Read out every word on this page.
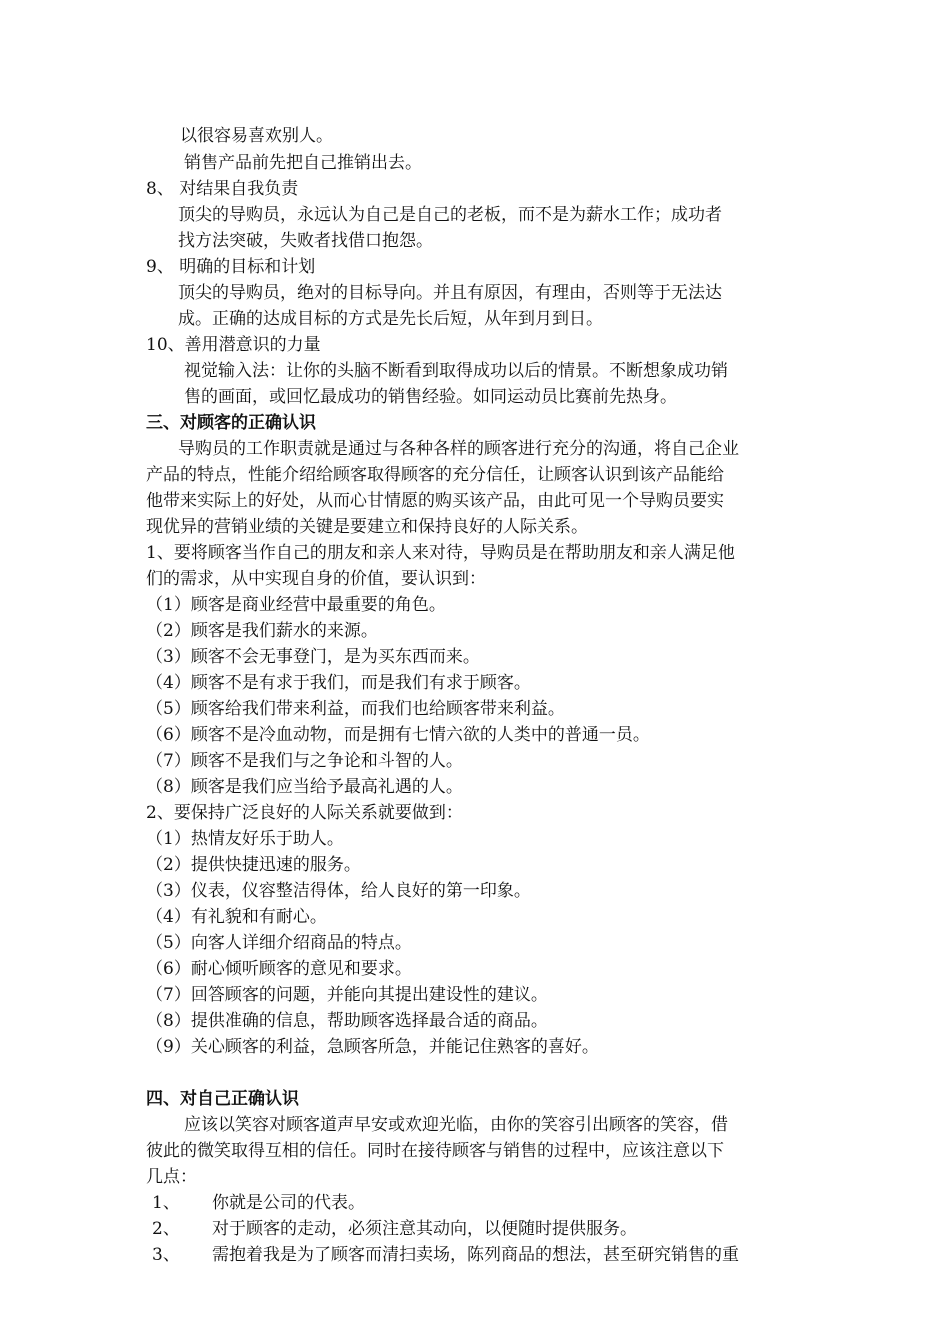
以很容易喜欢别人。
销售产品前先把自己推销出去。
8、 对结果自我负责
顶尖的导购员，永远认为自己是自己的老板，而不是为薪水工作；成功者
找方法突破，失败者找借口抱怨。
9、 明确的目标和计划
顶尖的导购员，绝对的目标导向。并且有原因，有理由，否则等于无法达
成。正确的达成目标的方式是先长后短，从年到月到日。
10、善用潜意识的力量
视觉输入法：让你的头脑不断看到取得成功以后的情景。不断想象成功销
售的画面，或回忆最成功的销售经验。如同运动员比赛前先热身。
三、对顾客的正确认识
导购员的工作职责就是通过与各种各样的顾客进行充分的沟通，将自己企业
产品的特点，性能介绍给顾客取得顾客的充分信任，让顾客认识到该产品能给
他带来实际上的好处，从而心甘情愿的购买该产品，由此可见一个导购员要实
现优异的营销业绩的关键是要建立和保持良好的人际关系。
1、要将顾客当作自己的朋友和亲人来对待，导购员是在帮助朋友和亲人满足他
们的需求，从中实现自身的价值，要认识到：
（1）顾客是商业经营中最重要的角色。
（2）顾客是我们薪水的来源。
（3）顾客不会无事登门，是为买东西而来。
（4）顾客不是有求于我们，而是我们有求于顾客。
（5）顾客给我们带来利益，而我们也给顾客带来利益。
（6）顾客不是冷血动物，而是拥有七情六欲的人类中的普通一员。
（7）顾客不是我们与之争论和斗智的人。
（8）顾客是我们应当给予最高礼遇的人。
2、要保持广泛良好的人际关系就要做到：
（1）热情友好乐于助人。
（2）提供快捷迅速的服务。
（3）仪表，仪容整洁得体，给人良好的第一印象。
（4）有礼貌和有耐心。
（5）向客人详细介绍商品的特点。
（6）耐心倾听顾客的意见和要求。
（7）回答顾客的问题，并能向其提出建设性的建议。
（8）提供准确的信息，帮助顾客选择最合适的商品。
（9）关心顾客的利益，急顾客所急，并能记住熟客的喜好。
四、对自己正确认识
应该以笑容对顾客道声早安或欢迎光临，由你的笑容引出顾客的笑容，借
彼此的微笑取得互相的信任。同时在接待顾客与销售的过程中，应该注意以下
几点：
1、 你就是公司的代表。
2、 对于顾客的走动，必须注意其动向，以便随时提供服务。
3、 需抱着我是为了顾客而清扫卖场，陈列商品的想法，甚至研究销售的重
